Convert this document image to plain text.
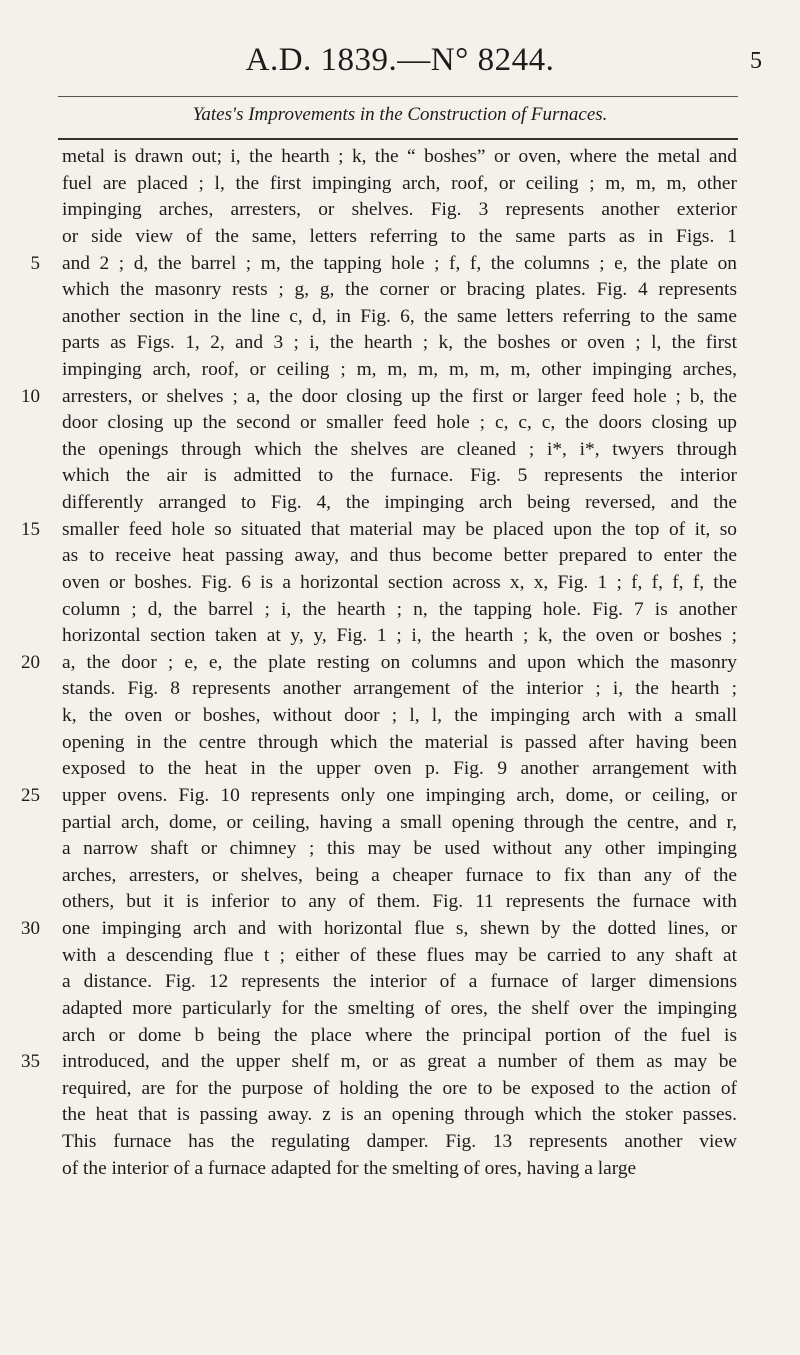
A.D. 1839.—N° 8244.	5
Yates's Improvements in the Construction of Furnaces.
metal is drawn out; i, the hearth ; k, the “ boshes” or oven, where the metal and
fuel are placed ; l, the first impinging arch, roof, or ceiling ; m, m, m, other
impinging arches, arresters, or shelves. Fig. 3 represents another exterior
or side view of the same, letters referring to the same parts as in Figs. 1
and 2 ; d, the barrel ; m, the tapping hole ; f, f, the columns ; e, the plate on
which the masonry rests ; g, g, the corner or bracing plates. Fig. 4 represents
another section in the line c, d, in Fig. 6, the same letters referring to the same
parts as Figs. 1, 2, and 3 ; i, the hearth ; k, the boshes or oven ; l, the first
impinging arch, roof, or ceiling ; m, m, m, m, m, m, other impinging arches,
arresters, or shelves ; a, the door closing up the first or larger feed hole ; b, the
door closing up the second or smaller feed hole ; c, c, c, the doors closing up
the openings through which the shelves are cleaned ; i*, i*, twyers through
which the air is admitted to the furnace. Fig. 5 represents the interior
differently arranged to Fig. 4, the impinging arch being reversed, and the
smaller feed hole so situated that material may be placed upon the top of it, so
as to receive heat passing away, and thus become better prepared to enter the
oven or boshes. Fig. 6 is a horizontal section across x, x, Fig. 1 ; f, f, f, f, the
column ; d, the barrel ; i, the hearth ; n, the tapping hole. Fig. 7 is another
horizontal section taken at y, y, Fig. 1 ; i, the hearth ; k, the oven or boshes ;
a, the door ; e, e, the plate resting on columns and upon which the masonry
stands. Fig. 8 represents another arrangement of the interior ; i, the hearth ;
k, the oven or boshes, without door ; l, l, the impinging arch with a small
opening in the centre through which the material is passed after having been
exposed to the heat in the upper oven p. Fig. 9 another arrangement with
upper ovens. Fig. 10 represents only one impinging arch, dome, or ceiling, or
partial arch, dome, or ceiling, having a small opening through the centre, and r,
a narrow shaft or chimney ; this may be used without any other impinging
arches, arresters, or shelves, being a cheaper furnace to fix than any of the
others, but it is inferior to any of them. Fig. 11 represents the furnace with
one impinging arch and with horizontal flue s, shewn by the dotted lines, or
with a descending flue t ; either of these flues may be carried to any shaft at
a distance. Fig. 12 represents the interior of a furnace of larger dimensions
adapted more particularly for the smelting of ores, the shelf over the impinging
arch or dome b being the place where the principal portion of the fuel is
introduced, and the upper shelf m, or as great a number of them as may be
required, are for the purpose of holding the ore to be exposed to the action of
the heat that is passing away. z is an opening through which the stoker passes.
This furnace has the regulating damper. Fig. 13 represents another view
of the interior of a furnace adapted for the smelting of ores, having a large
5
10
15
20
25
30
35
